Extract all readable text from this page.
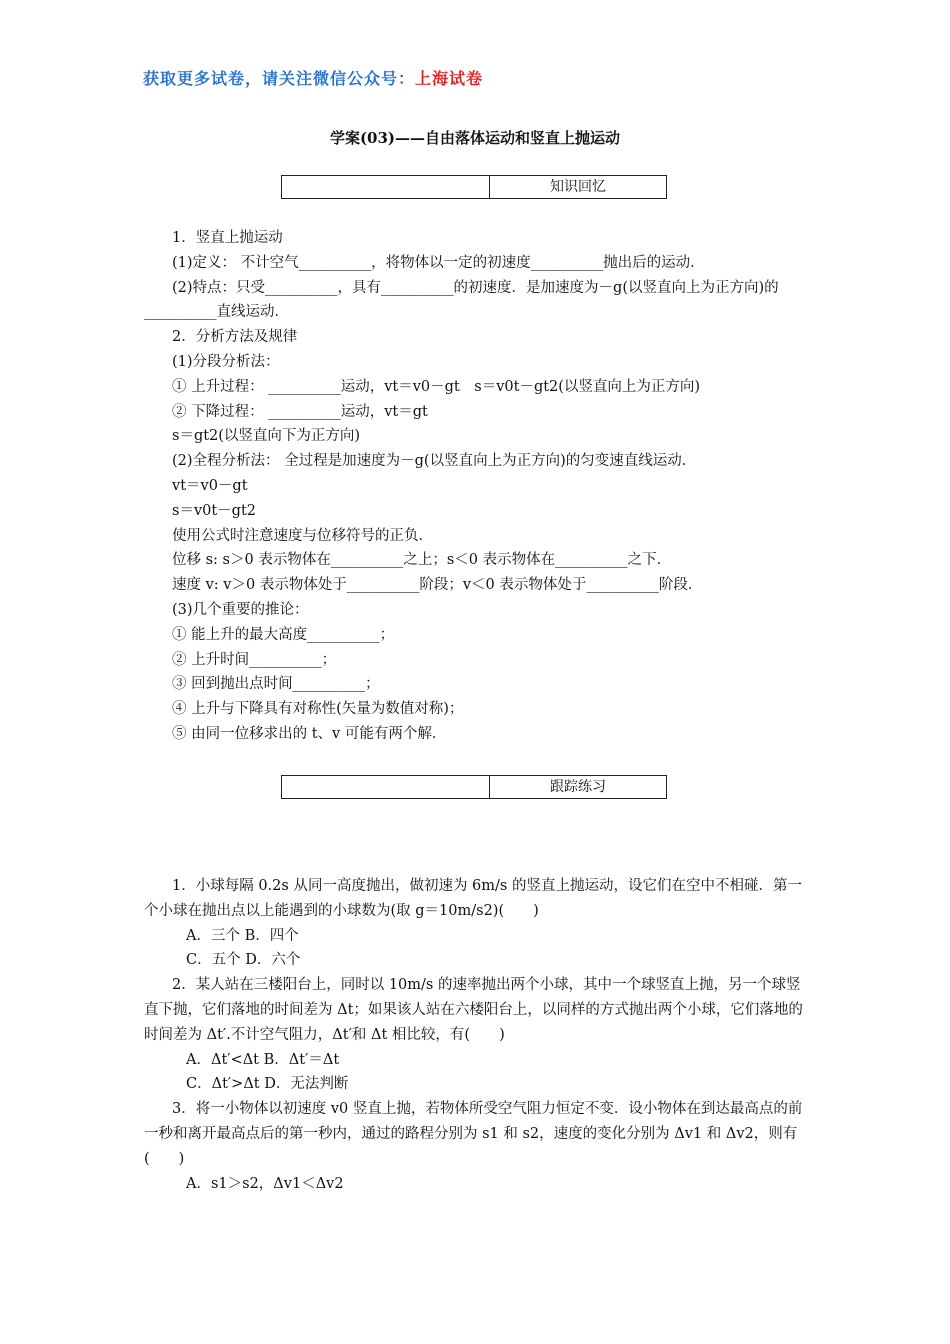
获取更多试卷，请关注微信公众号：上海试卷
学案(03)——自由落体运动和竖直上抛运动
知识回忆

1．竖直上抛运动

(1)定义： 不计空气__________，将物体以一定的初速度__________抛出后的运动．

(2)特点：只受__________，具有__________的初速度．是加速度为－g(以竖直向上为正方向)的__________直线运动．

2．分析方法及规律

(1)分段分析法：

① 上升过程： __________运动，vt＝v0－gt　s＝v0t－gt2(以竖直向上为正方向)

② 下降过程： __________运动，vt＝gt

s＝gt2(以竖直向下为正方向)

(2)全程分析法： 全过程是加速度为－g(以竖直向上为正方向)的匀变速直线运动．

vt＝v0－gt

s＝v0t－gt2

使用公式时注意速度与位移符号的正负．

位移 s: s＞0 表示物体在__________之上；s＜0 表示物体在__________之下．

速度 v: v＞0 表示物体处于__________阶段；v＜0 表示物体处于__________阶段．

(3)几个重要的推论：

① 能上升的最大高度__________；

② 上升时间__________；

③ 回到抛出点时间__________；

④ 上升与下降具有对称性(矢量为数值对称)；

⑤ 由同一位移求出的 t、v 可能有两个解．

跟踪练习

1．小球每隔 0.2s 从同一高度抛出，做初速为 6m/s 的竖直上抛运动，设它们在空中不相碰．第一个小球在抛出点以上能遇到的小球数为(取 g＝10m/s2)(　　)

A．三个 B．四个

C．五个 D．六个

2．某人站在三楼阳台上，同时以 10m/s 的速率抛出两个小球，其中一个球竖直上抛，另一个球竖直下抛，它们落地的时间差为 Δt；如果该人站在六楼阳台上，以同样的方式抛出两个小球，它们落地的时间差为 Δt′.不计空气阻力，Δt′和 Δt 相比较，有(　　)

A．Δt′<Δt B．Δt′＝Δt

C．Δt′>Δt D．无法判断

3．将一小物体以初速度 v0 竖直上抛，若物体所受空气阻力恒定不变．设小物体在到达最高点的前一秒和离开最高点后的第一秒内，通过的路程分别为 s1 和 s2，速度的变化分别为 Δv1 和 Δv2，则有(　　)

A．s1＞s2，Δv1＜Δv2
